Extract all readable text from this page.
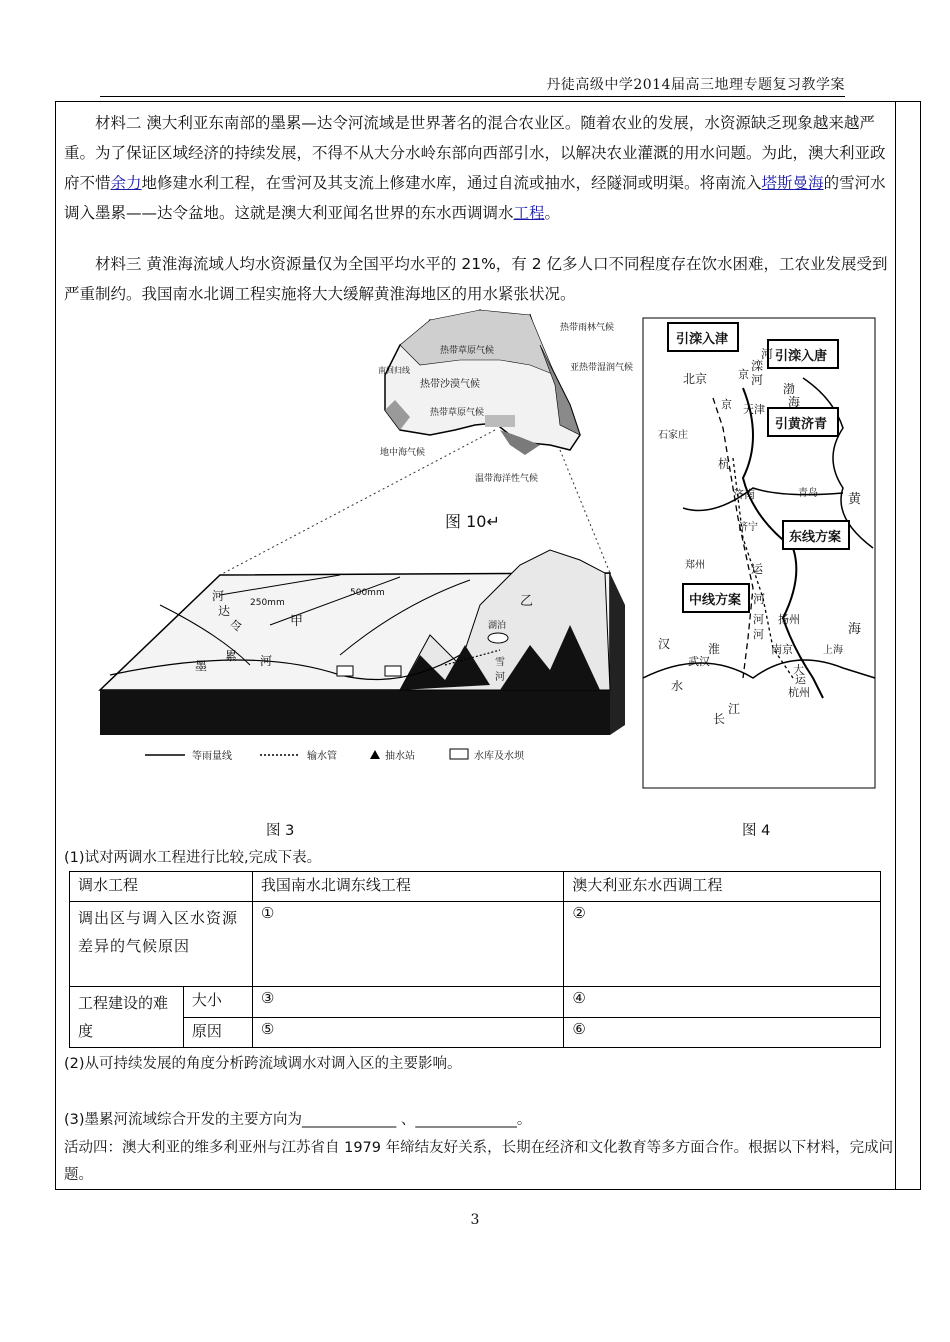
丹徒高级中学2014届高三地理专题复习教学案
材料二 澳大利亚东南部的墨累—达令河流域是世界著名的混合农业区。随着农业的发展，水资源缺乏现象越来越严重。为了保证区域经济的持续发展，不得不从大分水岭东部向西部引水，以解决农业灌溉的用水问题。为此，澳大利亚政府不惜余力地修建水利工程，在雪河及其支流上修建水库，通过自流或抽水，经隧洞或明渠。将南流入塔斯曼海的雪河水调入墨累——达令盆地。这就是澳大利亚闻名世界的东水西调调水工程。
材料三 黄淮海流域人均水资源量仅为全国平均水平的 21%，有 2 亿多人口不同程度存在饮水困难，工农业发展受到严重制约。我国南水北调工程实施将大大缓解黄淮海地区的用水紧张状况。
热带雨林气候
热带草原气候
亚热带湿润气候
热带沙漠气候
南回归线
热带草原气候
地中海气候
温带海洋性气候
图 10↵
达
令
河
墨
累 河
甲
乙
250mm
500mm
雪
河
湖泊
等雨量线	输水管	抽水站	水库及水坝
图 3
引滦入津
引滦入唐
引黄济青
东线方案
中线方案
北京
天津
石家庄
济南	青岛
郑州
济宁
扬州
南京	上海
武汉
杭州
京
杭
运
河
滦
河
渤
海
黄
海
汉
水
淮
河
长
江
大
运
河
河
京
图 4
(1)试对两调水工程进行比较,完成下表。
调水工程		我国南水北调东线工程	澳大利亚东水西调工程
调出区与调入区水资源差异的气候原因		①	②
工程建设的难度	大小	③	④
	原因	⑤	⑥
(2)从可持续发展的角度分析跨流域调水对调入区的主要影响。
(3)墨累河流域综合开发的主要方向为_____________ 、______________。
活动四：澳大利亚的维多利亚州与江苏省自 1979 年缔结友好关系，长期在经济和文化教育等多方面合作。根据以下材料，完成问题。
3
